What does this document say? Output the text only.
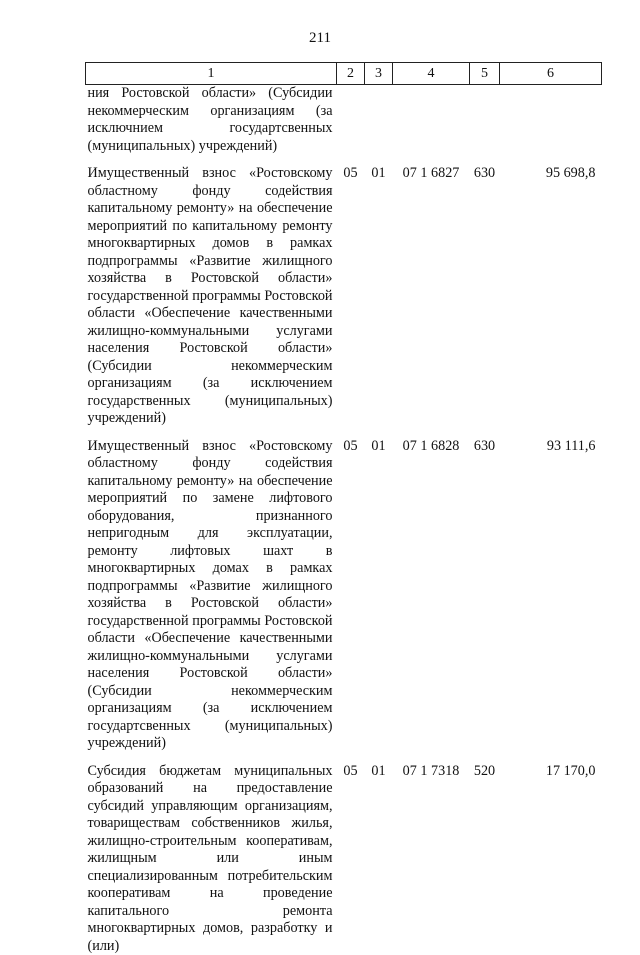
211
1	2	3	4	5	6
ния Ростовской области» (Субсидии некоммерческим организациям (за исключнием государтсвенных (муниципальных) учреждений)					
Имущественный взнос «Ростовскому областному фонду содействия капитальному ремонту» на обеспечение мероприятий по капитальному ремонту многоквартирных домов в рамках подпрограммы «Развитие жилищного хозяйства в Ростовской области» государственной программы Ростовской области «Обеспечение качественными жилищно-коммунальными услугами населения Ростовской области» (Субсидии некоммерческим организациям (за исключением государственных (муниципальных) учреждений)	05	01	07 1 6827	630	95 698,8
Имущественный взнос «Ростовскому областному фонду содействия капитальному ремонту» на обеспечение мероприятий по замене лифтового оборудования, признанного непригодным для эксплуатации, ремонту лифтовых шахт в многоквартирных домах в рамках подпрограммы «Развитие жилищного хозяйства в Ростовской области» государственной программы Ростовской области «Обеспечение качественными жилищно-коммунальными услугами населения Ростовской области» (Субсидии некоммерческим организациям (за исключением государтсвенных (муниципальных) учреждений)	05	01	07 1 6828	630	93 111,6
Субсидия бюджетам муниципальных образований на предоставление субсидий управляющим организациям, товариществам собственников жилья, жилищно-строительным кооперативам, жилищным или иным специализированным потребительским кооперативам на проведение капитального ремонта многоквартирных домов, разработку и (или)	05	01	07 1 7318	520	17 170,0
